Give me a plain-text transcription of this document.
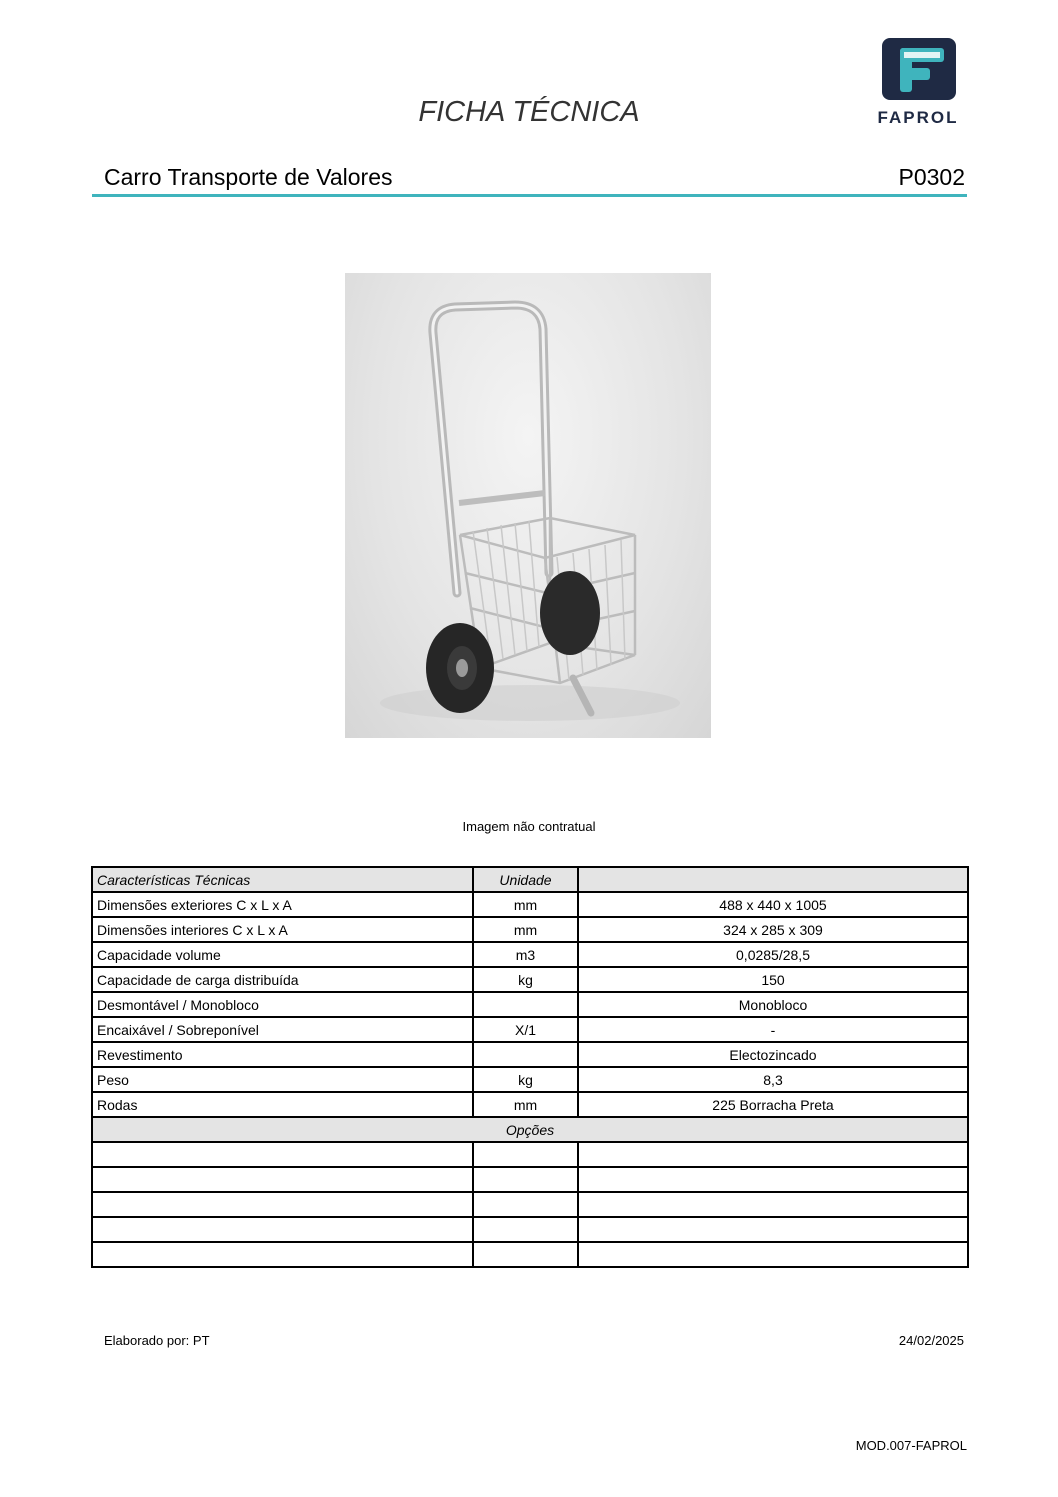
FAPROL
FICHA TÉCNICA
Carro Transporte de Valores	P0302
Imagem não contratual
Características Técnicas	Unidade	
Dimensões exteriores C x L x A	mm	488 x 440 x 1005
Dimensões interiores C x L x A	mm	324 x 285 x 309
Capacidade volume	m3	0,0285/28,5
Capacidade de carga distribuída	kg	150
Desmontável / Monobloco		Monobloco
Encaixável / Sobreponível	X/1	-
Revestimento		Electozincado
Peso	kg	8,3
Rodas	mm	225 Borracha Preta
Opções		

Elaborado por: PT	24/02/2025
MOD.007-FAPROL
